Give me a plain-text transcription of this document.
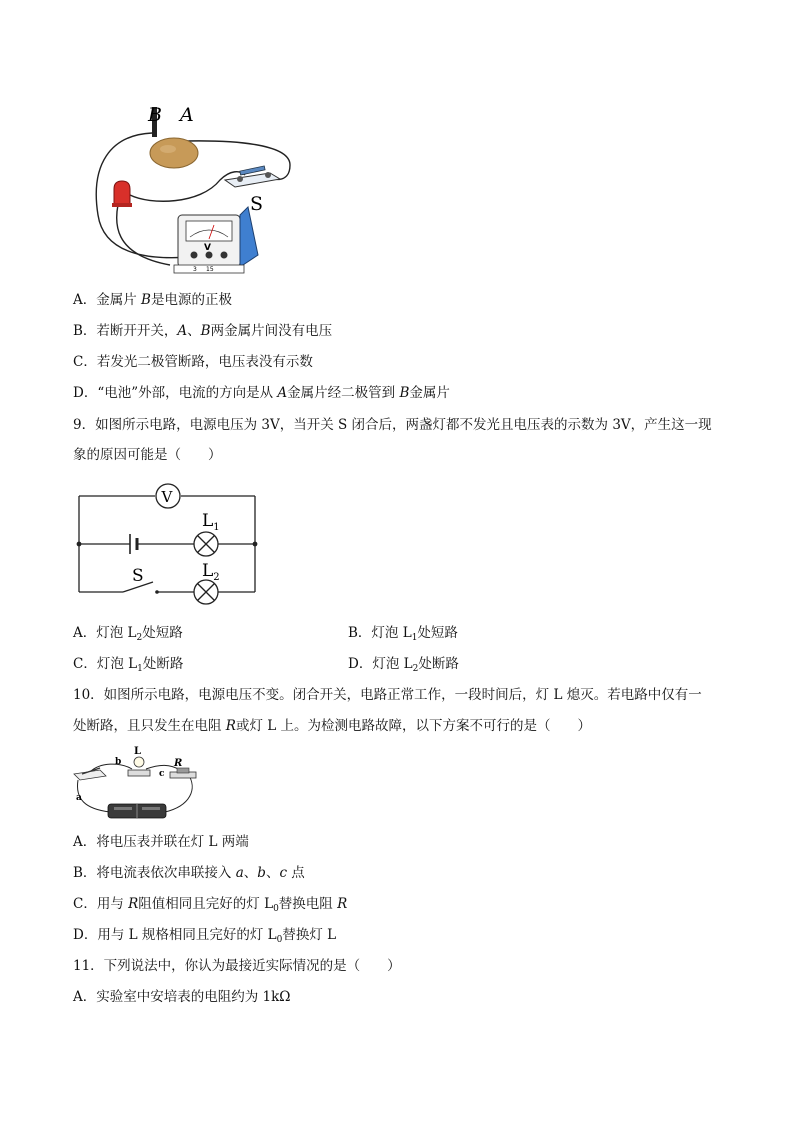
V
3 15
B A
S
A．金属片 B是电源的正极
B．若断开开关，A、B两金属片间没有电压
C．若发光二极管断路，电压表没有示数
D．“电池”外部，电流的方向是从 A金属片经二极管到 B金属片
9．如图所示电路，电源电压为 3V，当开关 S 闭合后，两盏灯都不发光且电压表的示数为 3V，产生这一现
象的原因可能是（　　）
V
$L_1$
$L_2$
S
A．灯泡 $L_2$处短路	B．灯泡 $L_1$处短路
C．灯泡 $L_1$处断路	D．灯泡 $L_2$处断路
10．如图所示电路，电源电压不变。闭合开关，电路正常工作，一段时间后，灯 L 熄灭。若电路中仅有一
处断路，且只发生在电阻 R或灯 L 上。为检测电路故障，以下方案不可行的是（　　）
L
R
b
c
a
A．将电压表并联在灯 L 两端
B．将电流表依次串联接入 a、b、c 点
C．用与 R阻值相同且完好的灯 $L_0$替换电阻 R
D．用与 L 规格相同且完好的灯 $L_0$替换灯 L
11．下列说法中，你认为最接近实际情况的是（　　）
A．实验室中安培表的电阻约为 1kΩ
